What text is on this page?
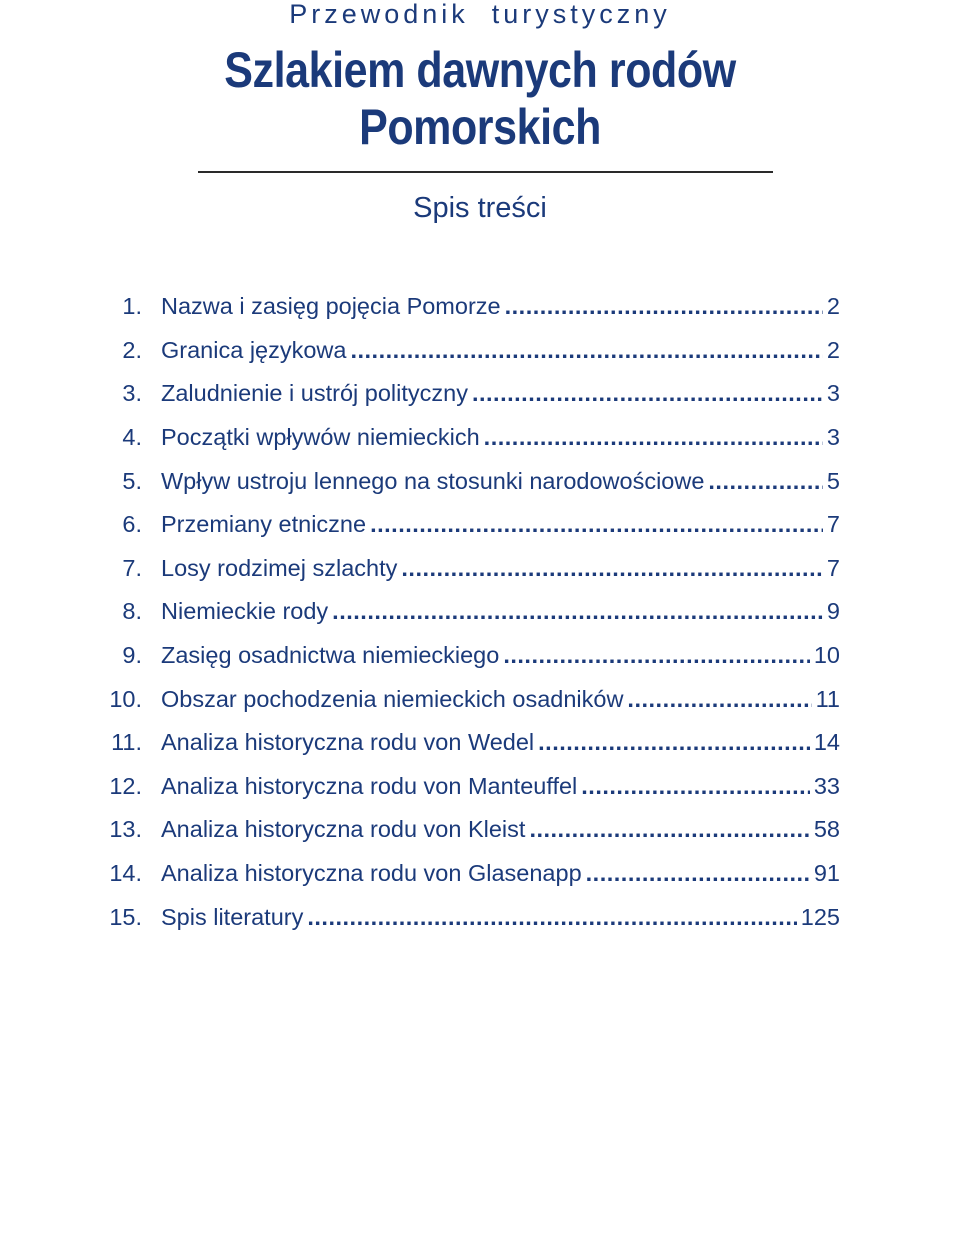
Przewodnik  turystyczny
Szlakiem dawnych rodów
Pomorskich
Spis treści
1. Nazwa i zasięg pojęcia Pomorze .....	2
2. Granica językowa .....	2
3. Zaludnienie i ustrój polityczny .....	3
4. Początki wpływów niemieckich .....	3
5. Wpływ ustroju lennego na stosunki narodowościowe .....	5
6. Przemiany etniczne .....	7
7. Losy rodzimej szlachty .....	7
8. Niemieckie rody .....	9
9. Zasięg osadnictwa niemieckiego .....	10
10. Obszar pochodzenia niemieckich osadników .....	11
11. Analiza historyczna rodu von Wedel .....	14
12. Analiza historyczna rodu von Manteuffel .....	33
13. Analiza historyczna rodu von Kleist .....	58
14. Analiza historyczna rodu von Glasenapp .....	91
15. Spis literatury .....	125
